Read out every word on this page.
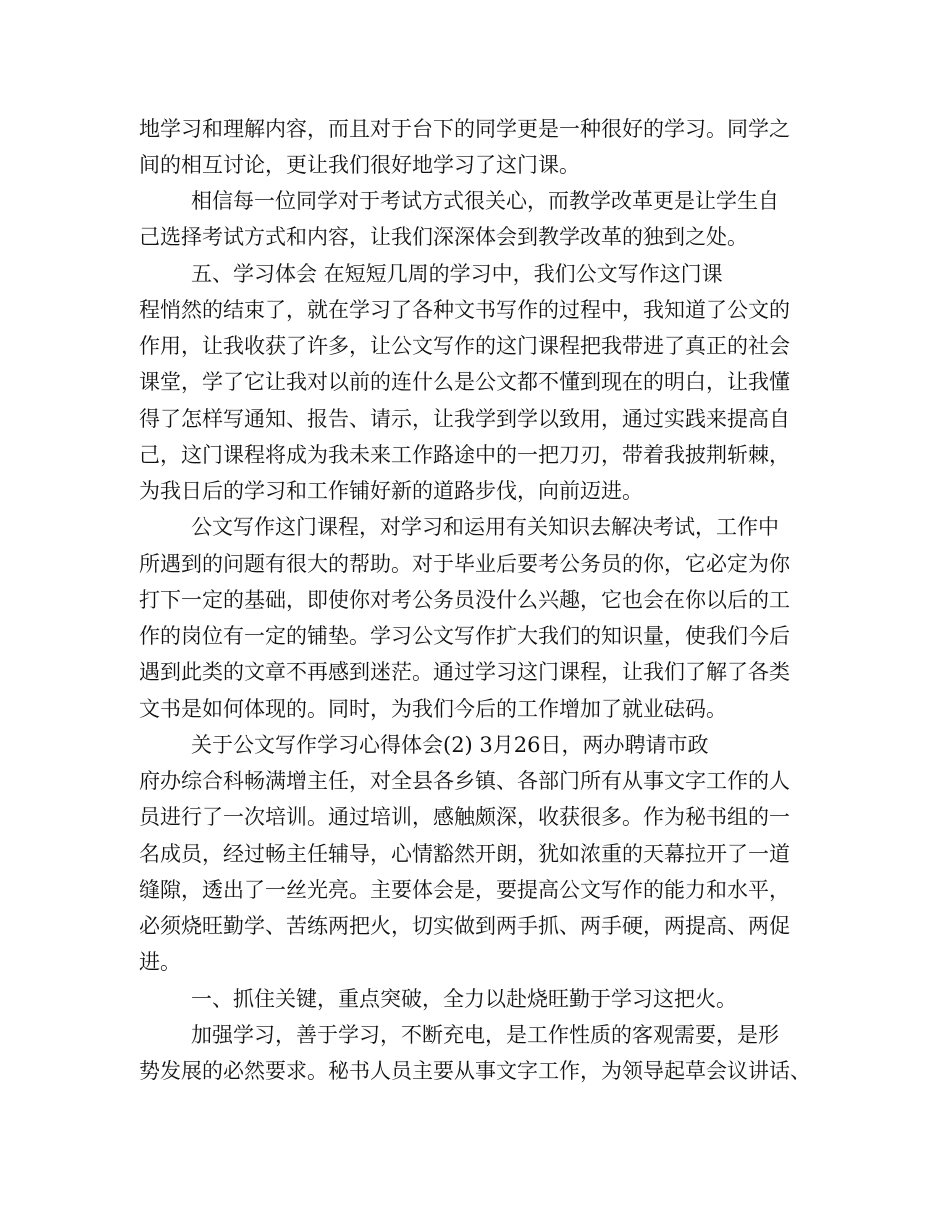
地学习和理解内容，而且对于台下的同学更是一种很好的学习。同学之
间的相互讨论，更让我们很好地学习了这门课。
相信每一位同学对于考试方式很关心，而教学改革更是让学生自
己选择考试方式和内容，让我们深深体会到教学改革的独到之处。
五、学习体会 在短短几周的学习中，我们公文写作这门课
程悄然的结束了，就在学习了各种文书写作的过程中，我知道了公文的
作用，让我收获了许多，让公文写作的这门课程把我带进了真正的社会
课堂，学了它让我对以前的连什么是公文都不懂到现在的明白，让我懂
得了怎样写通知、报告、请示，让我学到学以致用，通过实践来提高自
己，这门课程将成为我未来工作路途中的一把刀刃，带着我披荆斩棘，
为我日后的学习和工作铺好新的道路步伐，向前迈进。
公文写作这门课程，对学习和运用有关知识去解决考试，工作中
所遇到的问题有很大的帮助。对于毕业后要考公务员的你，它必定为你
打下一定的基础，即使你对考公务员没什么兴趣，它也会在你以后的工
作的岗位有一定的铺垫。学习公文写作扩大我们的知识量，使我们今后
遇到此类的文章不再感到迷茫。通过学习这门课程，让我们了解了各类
文书是如何体现的。同时，为我们今后的工作增加了就业砝码。
关于公文写作学习心得体会(2) 3月26日，两办聘请市政
府办综合科畅满增主任，对全县各乡镇、各部门所有从事文字工作的人
员进行了一次培训。通过培训，感触颇深，收获很多。作为秘书组的一
名成员，经过畅主任辅导，心情豁然开朗，犹如浓重的天幕拉开了一道
缝隙，透出了一丝光亮。主要体会是，要提高公文写作的能力和水平，
必须烧旺勤学、苦练两把火，切实做到两手抓、两手硬，两提高、两促
进。
一、抓住关键，重点突破，全力以赴烧旺勤于学习这把火。
加强学习，善于学习，不断充电，是工作性质的客观需要，是形
势发展的必然要求。秘书人员主要从事文字工作，为领导起草会议讲话、
